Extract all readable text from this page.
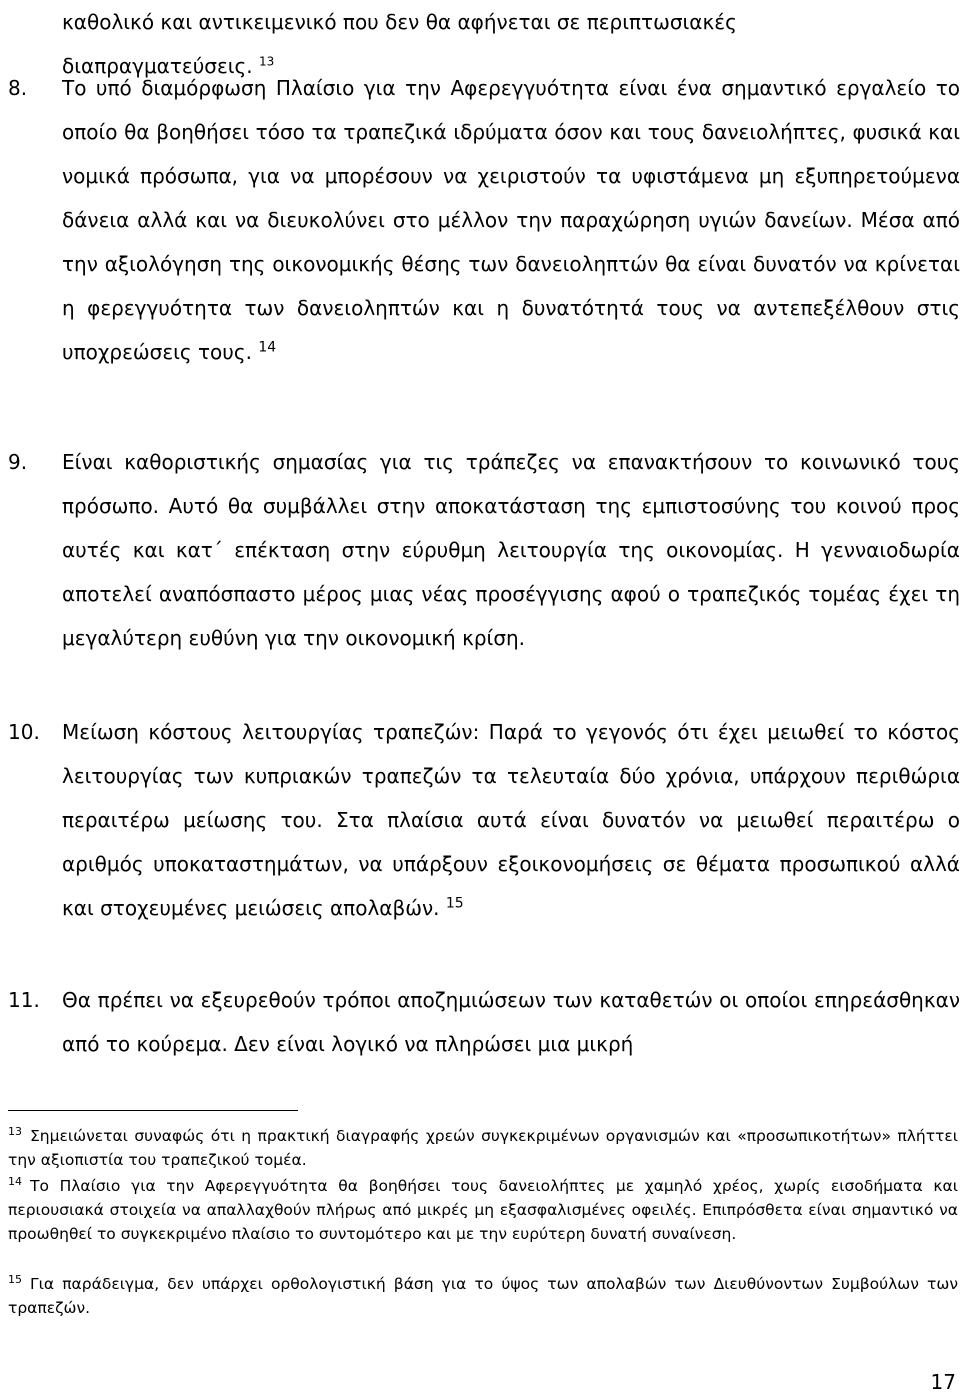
καθολικό και αντικειμενικό που δεν θα αφήνεται σε περιπτωσιακές
διαπραγματεύσεις. $^{13}$
8.	Το υπό διαμόρφωση Πλαίσιο για την Αφερεγγυότητα είναι ένα σημαντικό εργαλείο το οποίο θα βοηθήσει τόσο τα τραπεζικά ιδρύματα όσον και τους δανειολήπτες, φυσικά και νομικά πρόσωπα, για να μπορέσουν να χειριστούν τα υφιστάμενα μη εξυπηρετούμενα δάνεια αλλά και να διευκολύνει στο μέλλον την παραχώρηση υγιών δανείων. Μέσα από την αξιολόγηση της οικονομικής θέσης των δανειοληπτών θα είναι δυνατόν να κρίνεται η φερεγγυότητα των δανειοληπτών και η δυνατότητά τους να αντεπεξέλθουν στις υποχρεώσεις τους. $^{14}$
9.	Είναι καθοριστικής σημασίας για τις τράπεζες να επανακτήσουν το κοινωνικό τους πρόσωπο. Αυτό θα συμβάλλει στην αποκατάσταση της εμπιστοσύνης του κοινού προς αυτές και κατ΄ επέκταση στην εύρυθμη λειτουργία της οικονομίας. Η γενναιοδωρία αποτελεί αναπόσπαστο μέρος μιας νέας προσέγγισης αφού ο τραπεζικός τομέας έχει τη μεγαλύτερη ευθύνη για την οικονομική κρίση.
10.	Μείωση κόστους λειτουργίας τραπεζών: Παρά το γεγονός ότι έχει μειωθεί το κόστος λειτουργίας των κυπριακών τραπεζών τα τελευταία δύο χρόνια, υπάρχουν περιθώρια περαιτέρω μείωσης του. Στα πλαίσια αυτά είναι δυνατόν να μειωθεί περαιτέρω ο αριθμός υποκαταστημάτων, να υπάρξουν εξοικονομήσεις σε θέματα προσωπικού αλλά και στοχευμένες μειώσεις απολαβών. $^{15}$
11.	Θα πρέπει να εξευρεθούν τρόποι αποζημιώσεων των καταθετών οι οποίοι επηρεάσθηκαν από το κούρεμα. Δεν είναι λογικό να πληρώσει μια μικρή
$^{13}$ Σημειώνεται συναφώς ότι η πρακτική διαγραφής χρεών συγκεκριμένων οργανισμών και «προσωπικοτήτων» πλήττει την αξιοπιστία του τραπεζικού τομέα.
$^{14}$ Το Πλαίσιο για την Αφερεγγυότητα θα βοηθήσει τους δανειολήπτες με χαμηλό χρέος, χωρίς εισοδήματα και περιουσιακά στοιχεία να απαλλαχθούν πλήρως από μικρές μη εξασφαλισμένες οφειλές. Επιπρόσθετα είναι σημαντικό να προωθηθεί το συγκεκριμένο πλαίσιο το συντομότερο και με την ευρύτερη δυνατή συναίνεση.
$^{15}$ Για παράδειγμα, δεν υπάρχει ορθολογιστική βάση για το ύψος των απολαβών των Διευθύνοντων Συμβούλων των τραπεζών.
17
